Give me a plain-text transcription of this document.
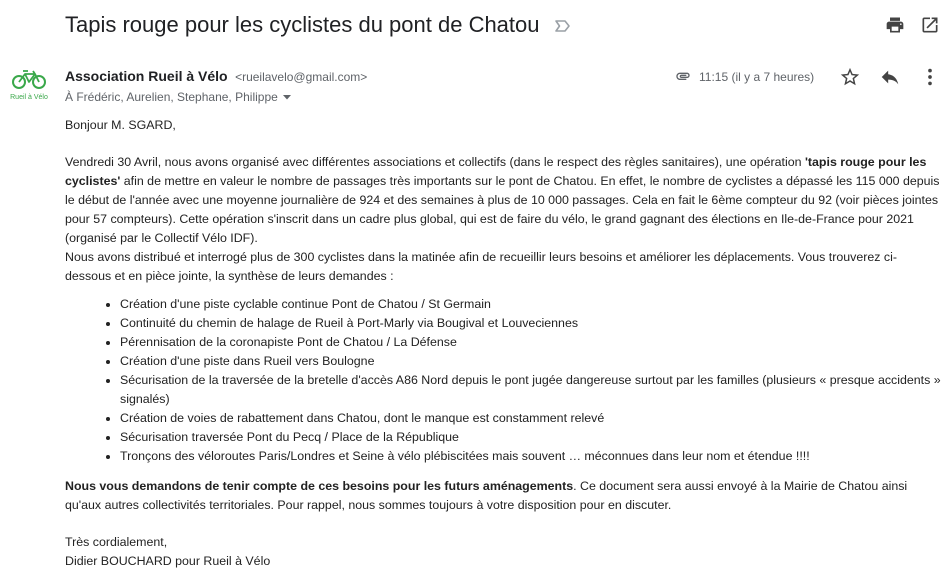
Tapis rouge pour les cyclistes du pont de Chatou
Rueil à Vélo
Association Rueil à Vélo <rueilavelo@gmail.com>
À Frédéric, Aurelien, Stephane, Philippe
11:15 (il y a 7 heures)

Bonjour M. SGARD,

Vendredi 30 Avril, nous avons organisé avec différentes associations et collectifs (dans le respect des règles sanitaires), une opération 'tapis rouge pour les cyclistes' afin de mettre en valeur le nombre de passages très importants sur le pont de Chatou. En effet, le nombre de cyclistes a dépassé les 115 000 depuis le début de l'année avec une moyenne journalière de 924 et des semaines à plus de 10 000 passages. Cela en fait le 6ème compteur du 92 (voir pièces jointes pour 57 compteurs). Cette opération s'inscrit dans un cadre plus global, qui est de faire du vélo, le grand gagnant des élections en Ile-de-France pour 2021 (organisé par le Collectif Vélo IDF).

Nous avons distribué et interrogé plus de 300 cyclistes dans la matinée afin de recueillir leurs besoins et améliorer les déplacements. Vous trouverez ci-dessous et en pièce jointe, la synthèse de leurs demandes :

• Création d'une piste cyclable continue Pont de Chatou / St Germain
• Continuité du chemin de halage de Rueil à Port-Marly via Bougival et Louveciennes
• Pérennisation de la coronapiste Pont de Chatou / La Défense
• Création d'une piste dans Rueil vers Boulogne
• Sécurisation de la traversée de la bretelle d'accès A86 Nord depuis le pont jugée dangereuse surtout par les familles (plusieurs « presque accidents » signalés)
• Création de voies de rabattement dans Chatou, dont le manque est constamment relevé
• Sécurisation traversée Pont du Pecq / Place de la République
• Tronçons des véloroutes Paris/Londres et Seine à vélo plébiscitées mais souvent … méconnues dans leur nom et étendue !!!!

Nous vous demandons de tenir compte de ces besoins pour les futurs aménagements. Ce document sera aussi envoyé à la Mairie de Chatou ainsi qu'aux autres collectivités territoriales. Pour rappel, nous sommes toujours à votre disposition pour en discuter.

Très cordialement,

Didier BOUCHARD pour Rueil à Vélo
